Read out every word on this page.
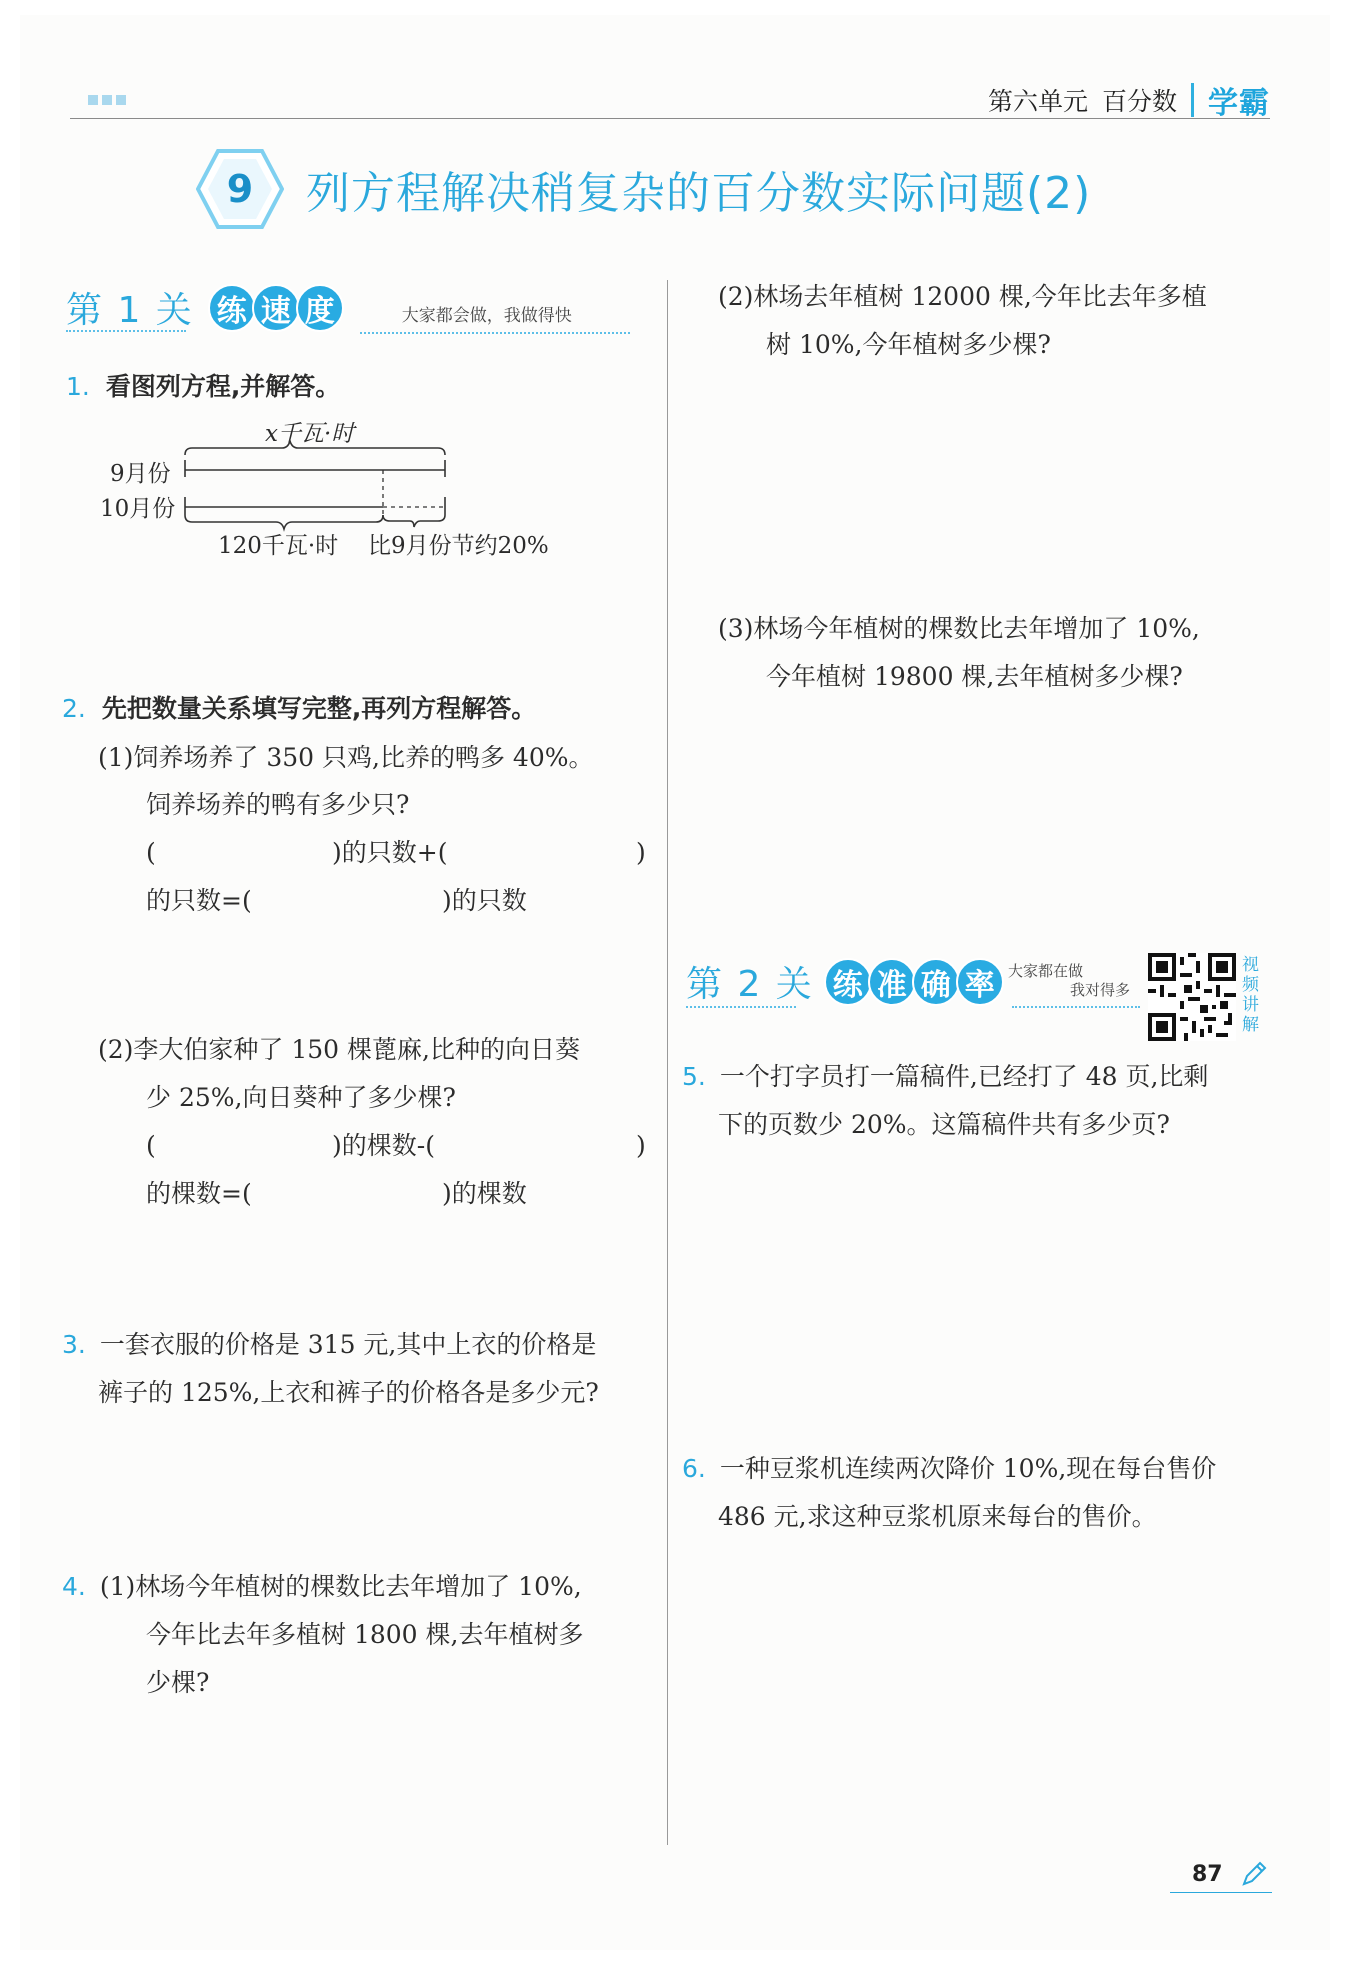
第六单元 百分数 学霸
9	列方程解决稍复杂的百分数实际问题(2)
第 1 关 练 速 度	大家都会做，我做得快
1. 看图列方程,并解答。
x千瓦·时
9月份
10月份
120千瓦·时 比9月份节约20%
2. 先把数量关系填写完整,再列方程解答。
(1)饲养场养了 350 只鸡,比养的鸭多 40%。
饲养场养的鸭有多少只?
(	)的只数+(	)
的只数=(	)的只数
(2)李大伯家种了 150 棵蓖麻,比种的向日葵
少 25%,向日葵种了多少棵?
(	)的棵数-(	)
的棵数=(	)的棵数
3. 一套衣服的价格是 315 元,其中上衣的价格是
裤子的 125%,上衣和裤子的价格各是多少元?
4. (1)林场今年植树的棵数比去年增加了 10%,
今年比去年多植树 1800 棵,去年植树多
少棵?
(2)林场去年植树 12000 棵,今年比去年多植
树 10%,今年植树多少棵?
(3)林场今年植树的棵数比去年增加了 10%,
今年植树 19800 棵,去年植树多少棵?
第 2 关 练 准 确 率 大家都在做
我对得多
视频讲解
5. 一个打字员打一篇稿件,已经打了 48 页,比剩
下的页数少 20%。这篇稿件共有多少页?
6. 一种豆浆机连续两次降价 10%,现在每台售价
486 元,求这种豆浆机原来每台的售价。
87
